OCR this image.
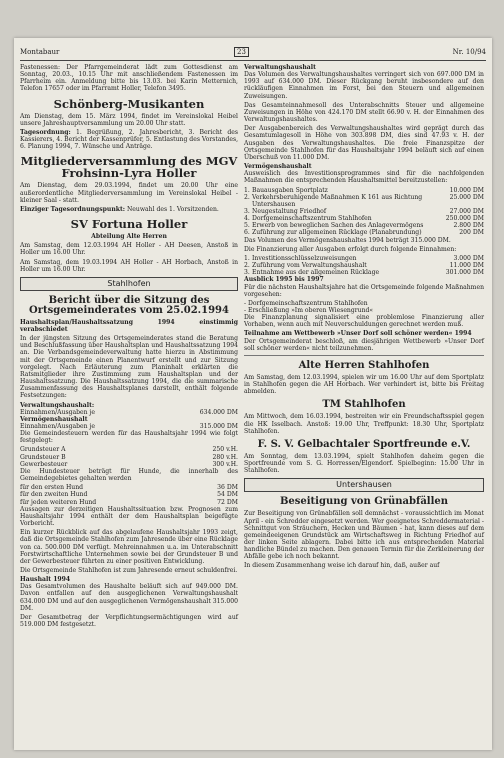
Montabaur	23	Nr. 10/94

Fastenessen: Der Pfarrgemeinderat lädt zum Gottesdienst am Sonntag, 20.03., 10.15 Uhr mit anschließendem Fastenessen im Pfarrheim ein. Anmeldung bitte bis 13.03. bei Karin Metternich, Telefon 17657 oder im Pfarramt Holler, Telefon 3495.

Schönberg-Musikanten

Am Dienstag, dem 15. März 1994, findet im Vereinslokal Heibel unsere Jahreshauptversammlung um 20.00 Uhr statt.

Tagesordnung: 1. Begrüßung, 2. Jahresbericht, 3. Bericht des Kassierers, 4. Bericht der Kassenprüfer, 5. Entlastung des Vorstandes, 6. Planung 1994, 7. Wünsche und Anträge.

Mitgliederversammlung des MGV Frohsinn-Lyra Holler

Am Dienstag, dem 29.03.1994, findet um 20.00 Uhr eine außerordentliche Mitgliederversammlung im Vereinslokal Heibel - kleiner Saal - statt.

Einziger Tagesordnungspunkt: Neuwahl des 1. Vorsitzenden.

SV Fortuna Holler
Abteilung Alte Herren

Am Samstag, dem 12.03.1994 AH Holler - AH Deesen, Anstoß in Holler um 16.00 Uhr.

Am Samstag, dem 19.03.1994 AH Holler - AH Horbach, Anstoß in Holler um 16.00 Uhr.

Stahlhofen
Bericht über die Sitzung des Ortsgemeinderates vom 25.02.1994

Haushaltsplan/Haushaltssatzung 1994 einstimmig verabschiedet

In der jüngsten Sitzung des Ortsgemeinderates stand die Beratung und Beschlußfassung über Haushaltsplan und Haushaltssatzung 1994 an. Die Verbandsgemeindeverwaltung hatte hierzu in Abstimmung mit der Ortsgemeinde einen Planentwurf erstellt und zur Sitzung vorgelegt. Nach Erläuterung zum Planinhalt erklärten die Ratsmitglieder ihre Zustimmung zum Haushaltsplan und der Haushaltssatzung. Die Haushaltssatzung 1994, die die summarische Zusammenfassung des Haushaltsplanes darstellt, enthält folgende Festsetzungen:

Verwaltungshaushalt:
Einnahmen/Ausgaben je	634.000 DM
Vermögenshaushalt
Einnahmen/Ausgaben je	315.000 DM

Die Gemeindesteuern werden für das Haushaltsjahr 1994 wie folgt festgelegt:

Grundsteuer A	250 v.H.
Grundsteuer B	280 v.H.
Gewerbesteuer	300 v.H.

Die Hundesteuer beträgt für Hunde, die innerhalb des Gemeindegebietes gehalten werden

für den ersten Hund	36 DM
für den zweiten Hund	54 DM
für jeden weiteren Hund	72 DM

Aussagen zur derzeitigen Haushaltssituation bzw. Prognosen zum Haushaltsjahr 1994 enthält der dem Haushaltsplan beigefügte Vorbericht.

Ein kurzer Rückblick auf das abgelaufene Haushaltsjahr 1993 zeigt, daß die Ortsgemeinde Stahlhofen zum Jahresende über eine Rücklage von ca. 500.000 DM verfügt. Mehreinnahmen u.a. im Unterabschnitt Forstwirtschaftliche Unternehmen sowie bei der Grundsteuer B und der Gewerbesteuer führten zu einer positiven Entwicklung.

Die Ortsgemeinde Stahlhofen ist zum Jahresende erneut schuldenfrei.

Haushalt 1994

Das Gesamtvolumen des Haushalte beläuft sich auf 949.000 DM. Davon entfallen auf den ausgeglichenen Verwaltungshaushalt 634.000 DM und auf den ausgeglichenen Vermögenshaushalt 315.000 DM.

Der Gesamtbetrag der Verpflichtungsermächtigungen wird auf 519.000 DM festgesetzt.

Verwaltungshaushalt

Das Volumen des Verwaltungshaushaltes verringert sich von 697.000 DM in 1993 auf 634.000 DM. Dieser Rückgang beruht insbesondere auf den rückläufigen Einnahmen im Forst, bei den Steuern und allgemeinen Zuweisungen.

Das Gesamteinnahmesoll des Unterabschnitts Steuer und allgemeine Zuweisungen in Höhe von 424.170 DM stellt 66.90 v. H. der Einnahmen des Verwaltungshaushaltes.

Der Ausgabenbereich des Verwaltungshaushaltes wird geprägt durch das Gesamtumlagesoll in Höhe von 303.898 DM, dies sind 47.93 v. H. der Ausgaben des Verwaltungshaushaltes. Die freie Finanzspitze der Ortsgemeinde Stahlhofen für das Haushaltsjahr 1994 beläuft sich auf einen Überschuß von 11.000 DM.

Vermögenshaushalt

Ausweislich des Investitionsprogrammes sind für die nachfolgenden Maßnahmen die entsprechenden Haushaltsmittel bereitzustellen:

1. Bauausgaben Sportplatz	10.000 DM
2. Verkehrsberuhigende Maßnahmen K 161 aus Richtung Untershausen
25.000 DM
3. Neugestaltung Friedhof	27.000 DM
4. Dorfgemeinschaftszentrum Stahlhofen	250.000 DM
5. Erwerb von beweglichen Sachen des Anlagevermögens	2.800 DM
6. Zuführung zur allgemeinen Rücklage (Planabrundung)	200 DM

Das Volumen des Vermögenshaushaltes 1994 beträgt 315.000 DM.

Die Finanzierung aller Ausgaben erfolgt durch folgende Einnahmen:

1. Investitionsschlüsselzuweisungen	3.000 DM
2. Zuführung vom Verwaltungshaushalt	11.000 DM
3. Entnahme aus der allgemeinen Rücklage	301.000 DM
Ausblick 1995 bis 1997

Für die nächsten Haushaltsjahre hat die Ortsgemeinde folgende Maßnahmen vorgesehen:

- Dorfgemeinschaftszentrum Stahlhofen
- Erschließung »Im oberen Wiesengrund«

Die Finanzplanung signalisiert eine problemlose Finanzierung aller Vorhaben, wenn auch mit Neuverschuldungen gerechnet werden muß.

Teilnahme am Wettbewerb »Unser Dorf soll schöner werden« 1994

Der Ortsgemeinderat beschloß, am diesjährigen Wettbewerb »Unser Dorf soll schöner werden« nicht teilzunehmen.

Alte Herren Stahlhofen

Am Samstag, dem 12.03.1994, spielen wir um 16.00 Uhr auf dem Sportplatz in Stahlhofen gegen die AH Horbach. Wer verhindert ist, bitte bis Freitag abmelden.

TM Stahlhofen

Am Mittwoch, dem 16.03.1994, bestreiten wir ein Freundschaftsspiel gegen die HK Isselbach. Anstoß: 19.00 Uhr, Treffpunkt: 18.30 Uhr, Sportplatz Stahlhofen.

F. S. V. Gelbachtaler Sportfreunde e.V.

Am Sonntag, dem 13.03.1994, spielt Stahlhofen daheim gegen die Sportfreunde vom S. G. Horressen/Elgendorf. Spielbeginn: 15.00 Uhr in Stahlhofen.

Untershausen
Beseitigung von Grünabfällen

Zur Beseitigung von Grünabfällen soll demnächst - voraussichtlich im Monat April - ein Schredder eingesetzt werden. Wer geeignetes Schreddermaterial - Schnittgut von Sträuchern, Hecken und Bäumen - hat, kann dieses auf dem gemeindeeigenen Grundstück am Wirtschaftsweg in Richtung Friedhof auf der linken Seite ablagern. Dabei bitte ich aus entsprechenden Material handliche Bündel zu machen. Den genauen Termin für die Zerkleinerung der Abfälle gebe ich noch bekannt.

In diesem Zusammenhang weise ich darauf hin, daß, außer auf
